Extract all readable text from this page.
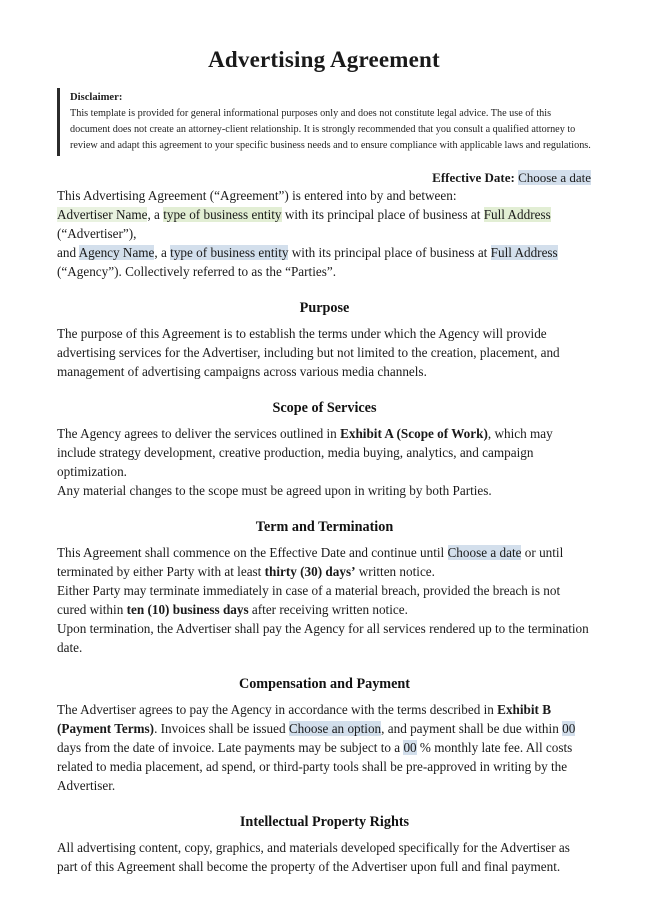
Advertising Agreement
Disclaimer:
This template is provided for general informational purposes only and does not constitute legal advice. The use of this document does not create an attorney-client relationship. It is strongly recommended that you consult a qualified attorney to review and adapt this agreement to your specific business needs and to ensure compliance with applicable laws and regulations.
Effective Date: Choose a date

This Advertising Agreement (“Agreement”) is entered into by and between:
Advertiser Name, a type of business entity with its principal place of business at Full Address
(“Advertiser”),
and Agency Name, a type of business entity with its principal place of business at Full Address
(“Agency”). Collectively referred to as the “Parties”.

Purpose

The purpose of this Agreement is to establish the terms under which the Agency will provide advertising services for the Advertiser, including but not limited to the creation, placement, and management of advertising campaigns across various media channels.

Scope of Services

The Agency agrees to deliver the services outlined in Exhibit A (Scope of Work), which may include strategy development, creative production, media buying, analytics, and campaign optimization.
Any material changes to the scope must be agreed upon in writing by both Parties.

Term and Termination

This Agreement shall commence on the Effective Date and continue until Choose a date or until terminated by either Party with at least thirty (30) days’ written notice.
Either Party may terminate immediately in case of a material breach, provided the breach is not cured within ten (10) business days after receiving written notice.
Upon termination, the Advertiser shall pay the Agency for all services rendered up to the termination date.

Compensation and Payment

The Advertiser agrees to pay the Agency in accordance with the terms described in Exhibit B (Payment Terms). Invoices shall be issued Choose an option, and payment shall be due within 00 days from the date of invoice. Late payments may be subject to a 00 % monthly late fee. All costs related to media placement, ad spend, or third-party tools shall be pre-approved in writing by the Advertiser.

Intellectual Property Rights

All advertising content, copy, graphics, and materials developed specifically for the Advertiser as part of this Agreement shall become the property of the Advertiser upon full and final payment.
